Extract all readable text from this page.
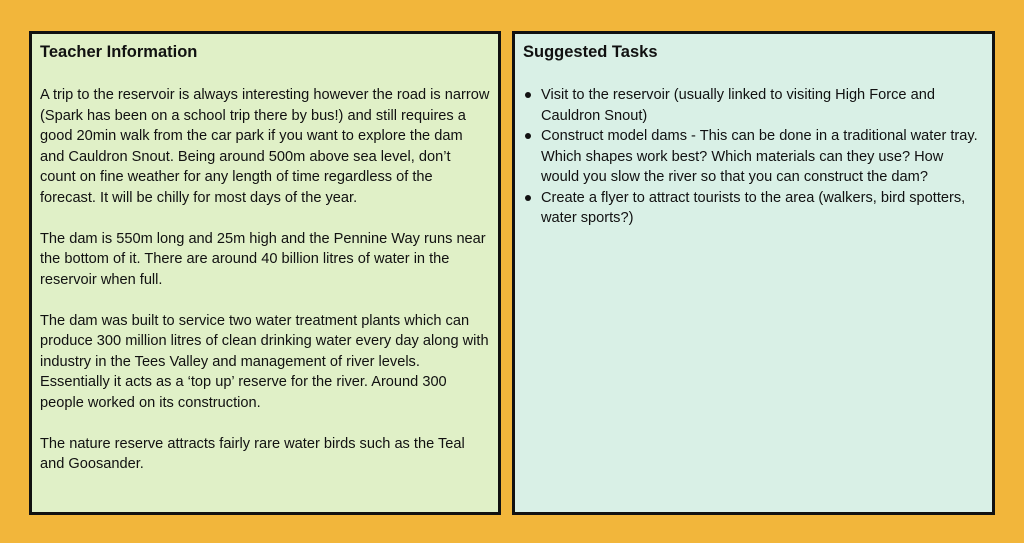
Teacher Information

A trip to the reservoir is always interesting however the road is narrow (Spark has been on a school trip there by bus!) and still requires a good 20min walk from the car park if you want to explore the dam and Cauldron Snout. Being around 500m above sea level, don’t count on fine weather for any length of time regardless of the forecast. It will be chilly for most days of the year.

The dam is 550m long and 25m high and the Pennine Way runs near the bottom of it. There are around 40 billion litres of water in the reservoir when full.

The dam was built to service two water treatment plants which can produce 300 million litres of clean drinking water every day along with industry in the Tees Valley and management of river levels. Essentially it acts as a ‘top up’ reserve for the river. Around 300 people worked on its construction.

The nature reserve attracts fairly rare water birds such as the Teal and Goosander.

Suggested Tasks
Visit to the reservoir (usually linked to visiting High Force and Cauldron Snout)
Construct model dams - This can be done in a traditional water tray. Which shapes work best? Which materials can they use? How would you slow the river so that you can construct the dam?
Create a flyer to attract tourists to the area (walkers, bird spotters, water sports?)
